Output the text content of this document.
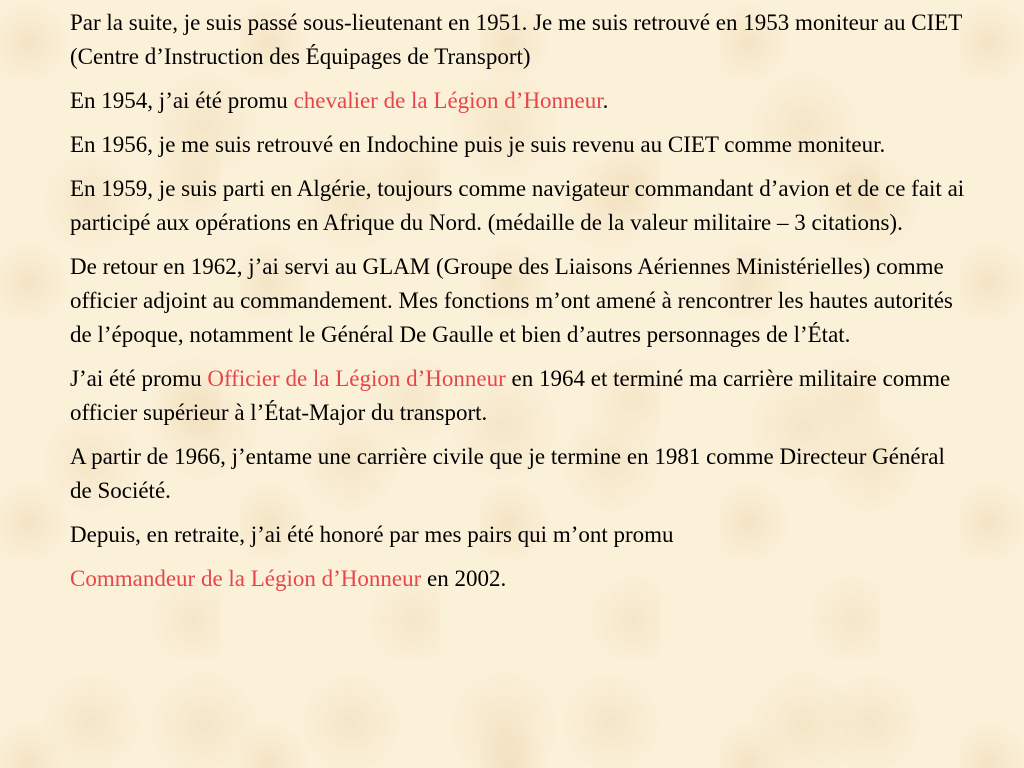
Par la suite, je suis passé sous-lieutenant en 1951. Je me suis retrouvé en 1953 moniteur au CIET (Centre d’Instruction des Équipages de Transport)

En 1954, j’ai été promu chevalier de la Légion d’Honneur.

En 1956, je me suis retrouvé en Indochine puis je suis revenu au CIET comme moniteur.

En 1959, je suis parti en Algérie, toujours comme navigateur commandant d’avion et de ce fait ai participé aux opérations en Afrique du Nord. (médaille de la valeur militaire – 3 citations).

De retour en 1962, j’ai servi au GLAM (Groupe des Liaisons Aériennes Ministérielles) comme officier adjoint au commandement. Mes fonctions m’ont amené à rencontrer les hautes autorités de l’époque, notamment le Général De Gaulle et bien d’autres personnages de l’État.

J’ai été promu Officier de la Légion d’Honneur en 1964 et terminé ma carrière militaire comme officier supérieur à l’État-Major du transport.

A partir de 1966, j’entame une carrière civile que je termine en 1981 comme Directeur Général de Société.

Depuis, en retraite, j’ai été honoré par mes pairs qui m’ont promu

Commandeur de la Légion d’Honneur en 2002.
